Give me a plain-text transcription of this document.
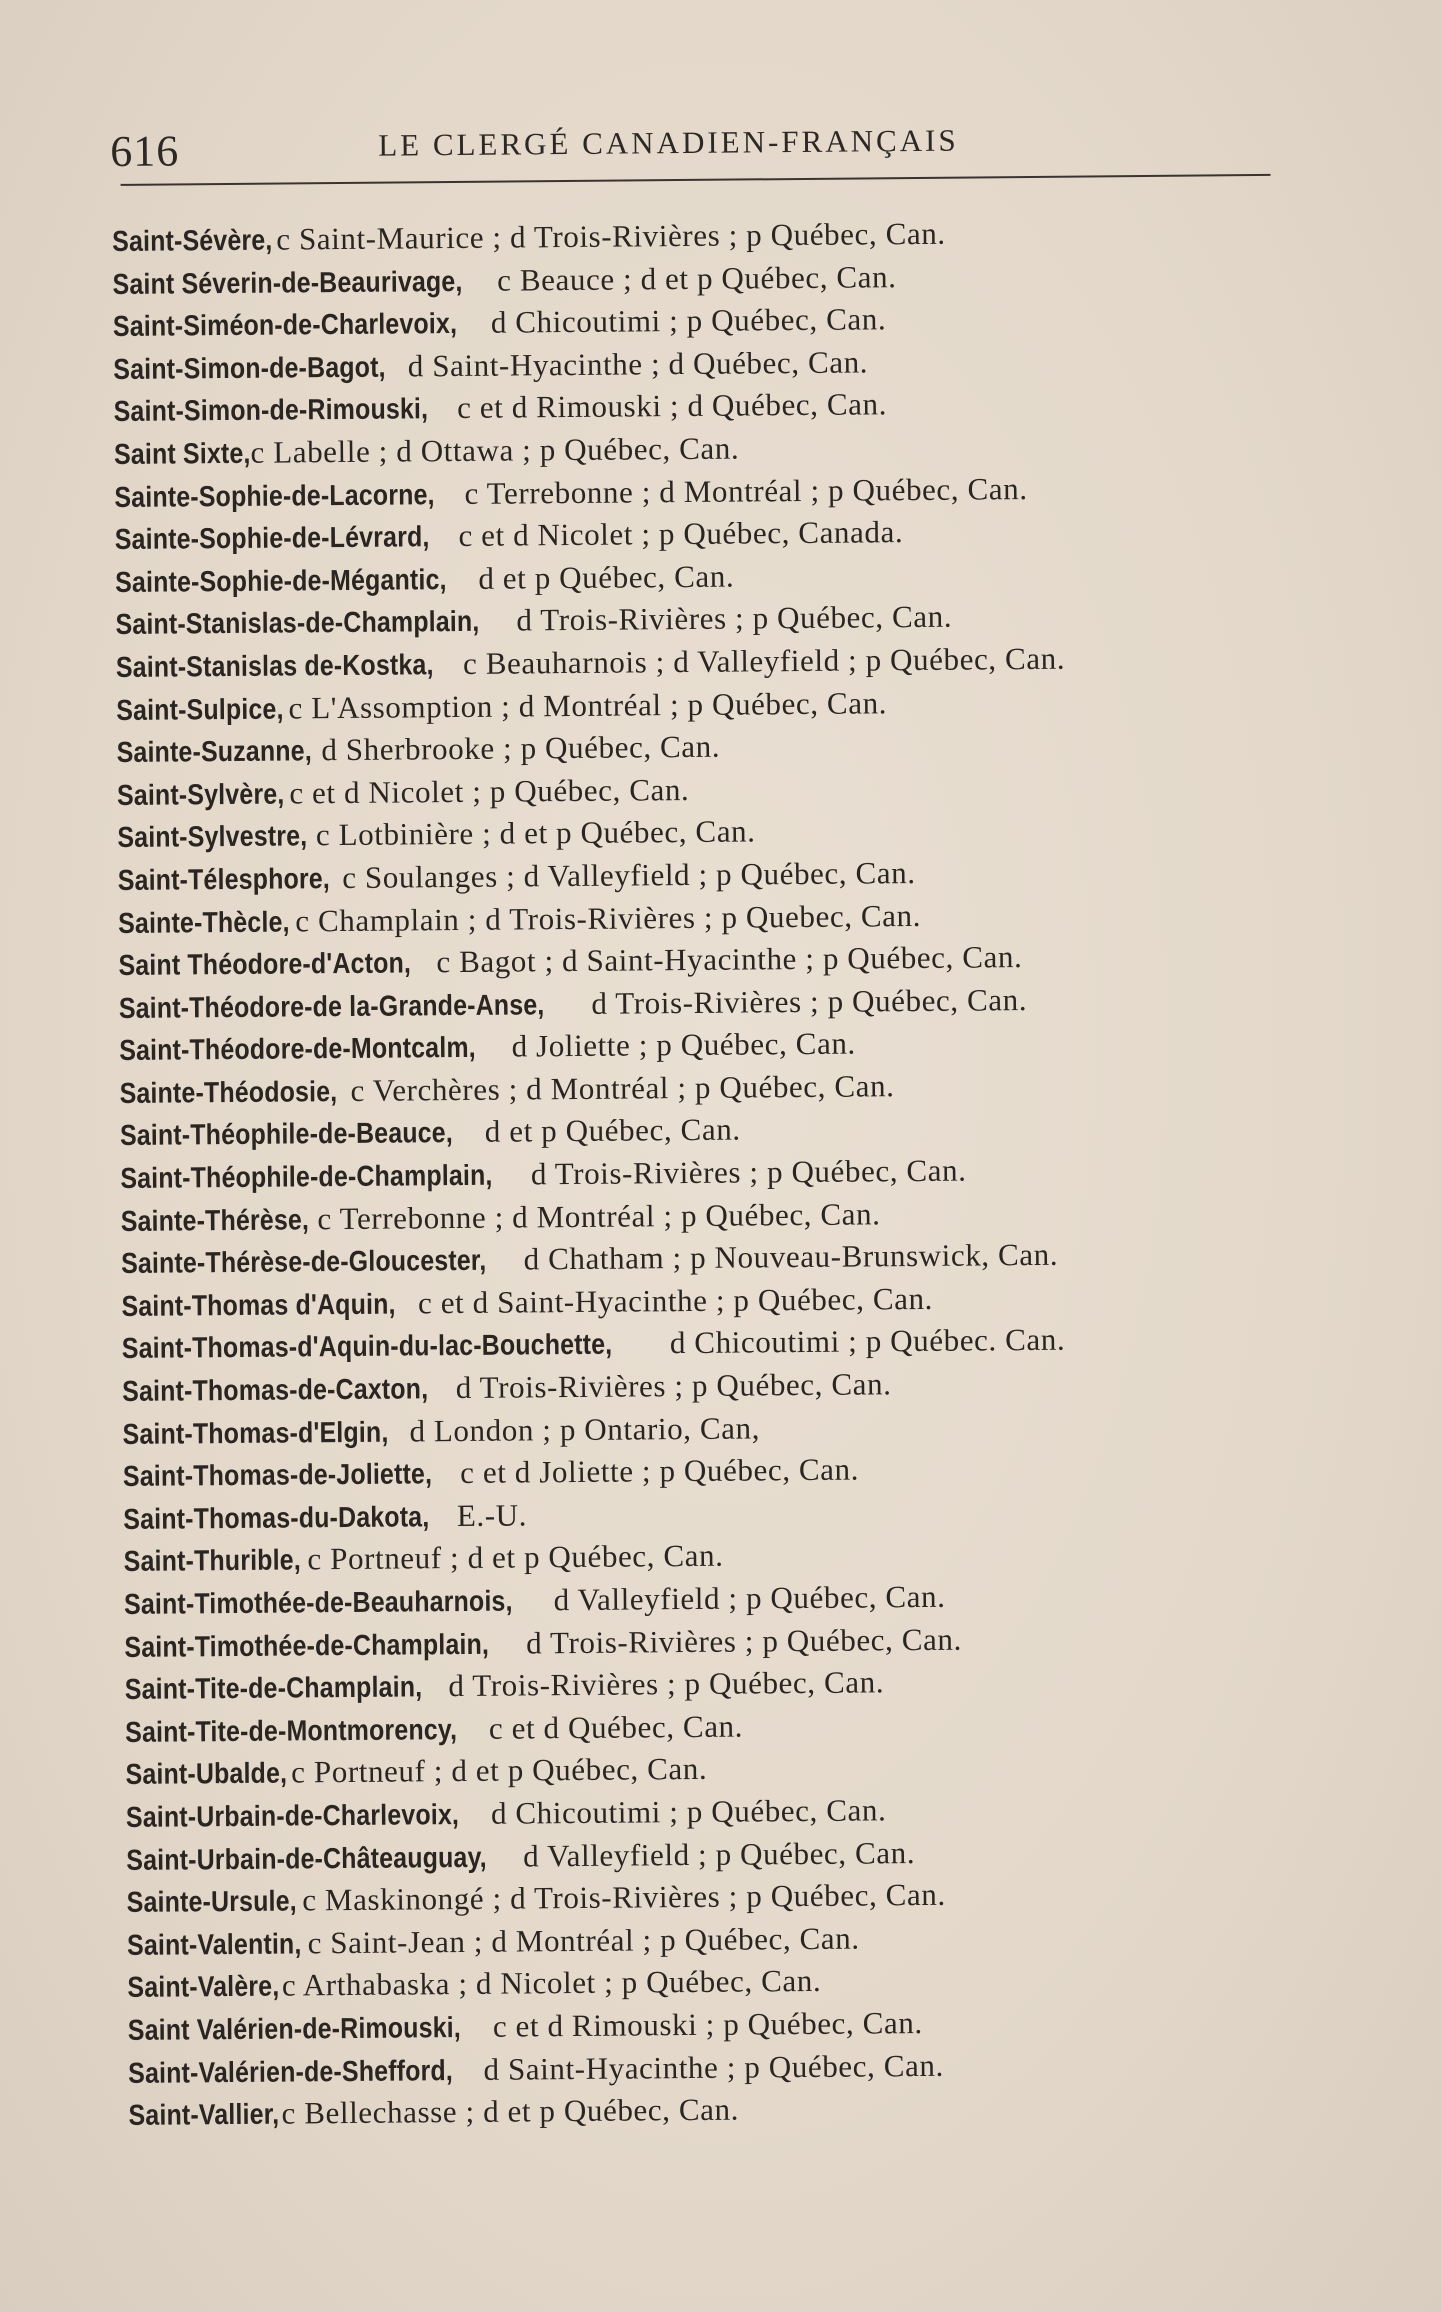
616	LE CLERGÉ CANADIEN-FRANÇAIS
Saint-Sévère, c Saint-Maurice ; d Trois-Rivières ; p Québec, Can.
Saint Séverin-de-Beaurivage, c Beauce ; d et p Québec, Can.
Saint-Siméon-de-Charlevoix, d Chicoutimi ; p Québec, Can.
Saint-Simon-de-Bagot, d Saint-Hyacinthe ; d Québec, Can.
Saint-Simon-de-Rimouski, c et d Rimouski ; d Québec, Can.
Saint Sixte, c Labelle ; d Ottawa ; p Québec, Can.
Sainte-Sophie-de-Lacorne, c Terrebonne ; d Montréal ; p Québec, Can.
Sainte-Sophie-de-Lévrard, c et d Nicolet ; p Québec, Canada.
Sainte-Sophie-de-Mégantic, d et p Québec, Can.
Saint-Stanislas-de-Champlain, d Trois-Rivières ; p Québec, Can.
Saint-Stanislas de-Kostka, c Beauharnois ; d Valleyfield ; p Québec, Can.
Saint-Sulpice, c L'Assomption ; d Montréal ; p Québec, Can.
Sainte-Suzanne, d Sherbrooke ; p Québec, Can.
Saint-Sylvère, c et d Nicolet ; p Québec, Can.
Saint-Sylvestre, c Lotbinière ; d et p Québec, Can.
Saint-Télesphore, c Soulanges ; d Valleyfield ; p Québec, Can.
Sainte-Thècle, c Champlain ; d Trois-Rivières ; p Quebec, Can.
Saint Théodore-d'Acton, c Bagot ; d Saint-Hyacinthe ; p Québec, Can.
Saint-Théodore-de la-Grande-Anse, d Trois-Rivières ; p Québec, Can.
Saint-Théodore-de-Montcalm, d Joliette ; p Québec, Can.
Sainte-Théodosie, c Verchères ; d Montréal ; p Québec, Can.
Saint-Théophile-de-Beauce, d et p Québec, Can.
Saint-Théophile-de-Champlain, d Trois-Rivières ; p Québec, Can.
Sainte-Thérèse, c Terrebonne ; d Montréal ; p Québec, Can.
Sainte-Thérèse-de-Gloucester, d Chatham ; p Nouveau-Brunswick, Can.
Saint-Thomas d'Aquin, c et d Saint-Hyacinthe ; p Québec, Can.
Saint-Thomas-d'Aquin-du-lac-Bouchette, d Chicoutimi ; p Québec. Can.
Saint-Thomas-de-Caxton, d Trois-Rivières ; p Québec, Can.
Saint-Thomas-d'Elgin, d London ; p Ontario, Can,
Saint-Thomas-de-Joliette, c et d Joliette ; p Québec, Can.
Saint-Thomas-du-Dakota, E.-U.
Saint-Thurible, c Portneuf ; d et p Québec, Can.
Saint-Timothée-de-Beauharnois, d Valleyfield ; p Québec, Can.
Saint-Timothée-de-Champlain, d Trois-Rivières ; p Québec, Can.
Saint-Tite-de-Champlain, d Trois-Rivières ; p Québec, Can.
Saint-Tite-de-Montmorency, c et d Québec, Can.
Saint-Ubalde, c Portneuf ; d et p Québec, Can.
Saint-Urbain-de-Charlevoix, d Chicoutimi ; p Québec, Can.
Saint-Urbain-de-Châteauguay, d Valleyfield ; p Québec, Can.
Sainte-Ursule, c Maskinongé ; d Trois-Rivières ; p Québec, Can.
Saint-Valentin, c Saint-Jean ; d Montréal ; p Québec, Can.
Saint-Valère, c Arthabaska ; d Nicolet ; p Québec, Can.
Saint Valérien-de-Rimouski, c et d Rimouski ; p Québec, Can.
Saint-Valérien-de-Shefford, d Saint-Hyacinthe ; p Québec, Can.
Saint-Vallier, c Bellechasse ; d et p Québec, Can.
